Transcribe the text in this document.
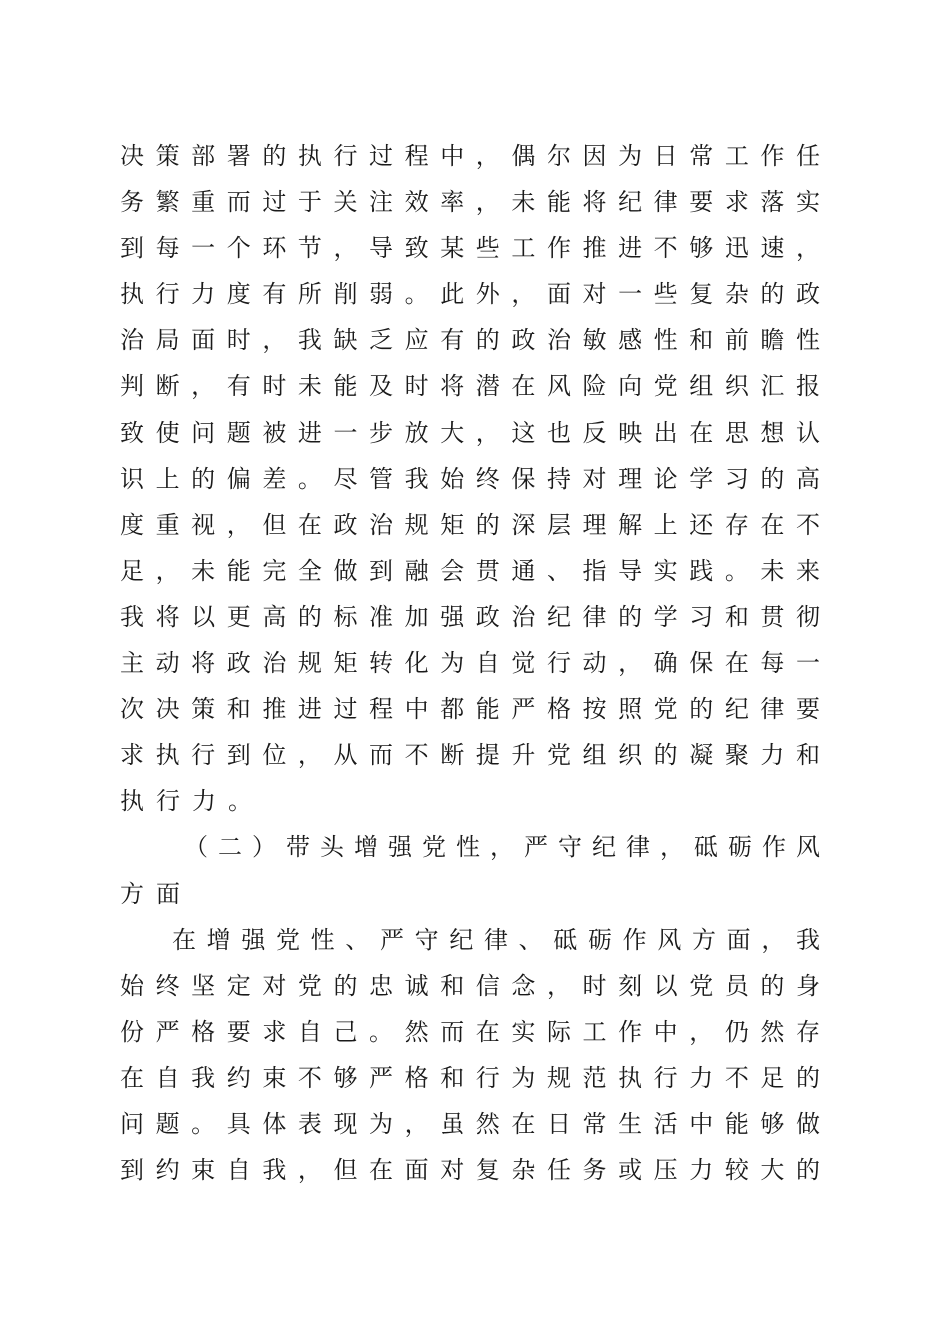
决策部署的执行过程中，偶尔因为日常工作任
务繁重而过于关注效率，未能将纪律要求落实
到每一个环节，导致某些工作推进不够迅速，
执行力度有所削弱。此外，面对一些复杂的政
治局面时，我缺乏应有的政治敏感性和前瞻性
判断，有时未能及时将潜在风险向党组织汇报
致使问题被进一步放大，这也反映出在思想认
识上的偏差。尽管我始终保持对理论学习的高
度重视，但在政治规矩的深层理解上还存在不
足，未能完全做到融会贯通、指导实践。未来
我将以更高的标准加强政治纪律的学习和贯彻
主动将政治规矩转化为自觉行动，确保在每一
次决策和推进过程中都能严格按照党的纪律要
求执行到位，从而不断提升党组织的凝聚力和
执行力。
（二）带头增强党性，严守纪律，砥砺作风
方面
在增强党性、严守纪律、砥砺作风方面，我
始终坚定对党的忠诚和信念，时刻以党员的身
份严格要求自己。然而在实际工作中，仍然存
在自我约束不够严格和行为规范执行力不足的
问题。具体表现为，虽然在日常生活中能够做
到约束自我，但在面对复杂任务或压力较大的
